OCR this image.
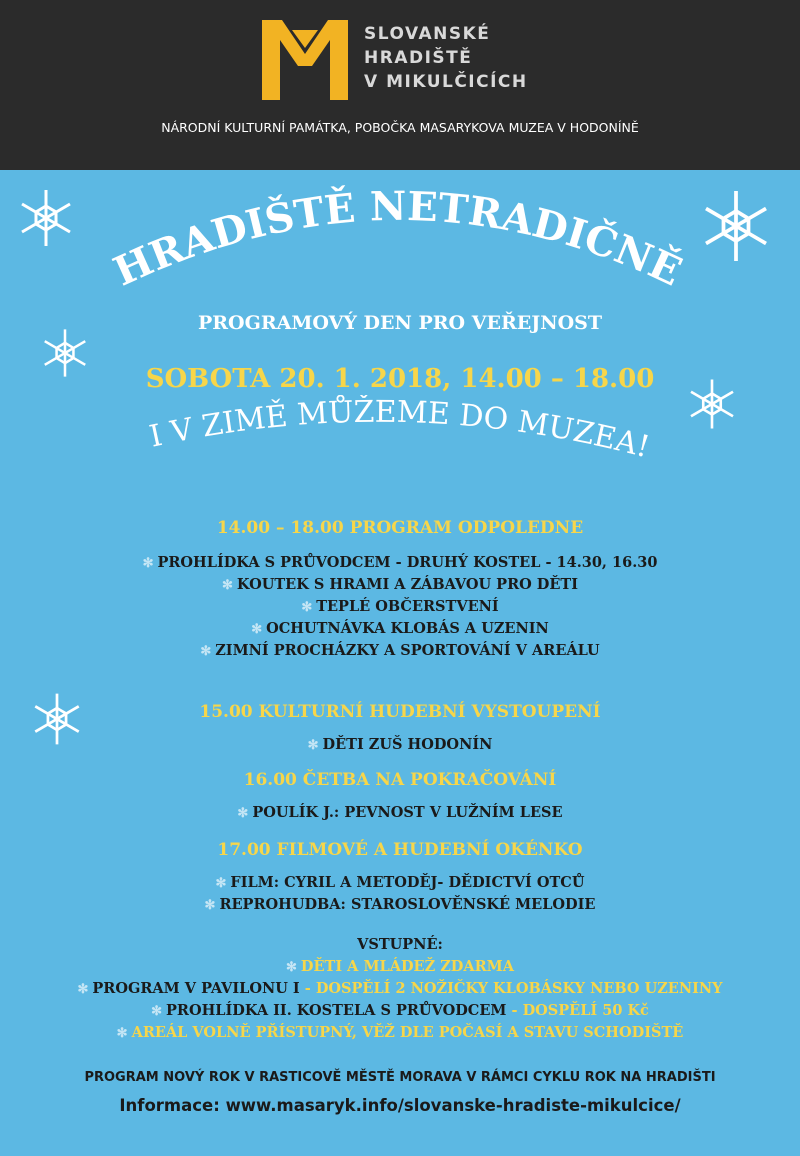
SLOVANSKÉ
HRADIŠTĚ
V MIKULČICÍCH
NÁRODNÍ KULTURNÍ PAMÁTKA, POBOČKA MASARYKOVA MUZEA V HODONÍNĚ
HRADIŠTĚ NETRADIČNĚ
PROGRAMOVÝ DEN PRO VEŘEJNOST
SOBOTA 20. 1. 2018, 14.00 – 18.00
I V ZIMĚ MŮŽEME DO MUZEA!
14.00 – 18.00 PROGRAM ODPOLEDNE
✻ PROHLÍDKA S PRŮVODCEM - DRUHÝ KOSTEL - 14.30, 16.30
✻ KOUTEK S HRAMI A ZÁBAVOU PRO DĚTI
✻ TEPLÉ OBČERSTVENÍ
✻ OCHUTNÁVKA KLOBÁS A UZENIN
✻ ZIMNÍ PROCHÁZKY A SPORTOVÁNÍ V AREÁLU
15.00 KULTURNÍ HUDEBNÍ VYSTOUPENÍ
✻ DĚTI ZUŠ HODONÍN
16.00 ČETBA NA POKRAČOVÁNÍ
✻ POULÍK J.: PEVNOST V LUŽNÍM LESE
17.00 FILMOVÉ A HUDEBNÍ OKÉNKO
✻ FILM: CYRIL A METODĚJ- DĚDICTVÍ OTCŮ
✻ REPROHUDBA: STAROSLOVĚNSKÉ MELODIE
VSTUPNÉ:
✻ DĚTI A MLÁDEŽ ZDARMA
✻ PROGRAM V PAVILONU I - DOSPĚLÍ 2 NOŽIČKY KLOBÁSKY NEBO UZENINY
✻ PROHLÍDKA II. KOSTELA S PRŮVODCEM - DOSPĚLÍ 50 Kč
✻ AREÁL VOLNĚ PŘÍSTUPNÝ, VĚŽ DLE POČASÍ A STAVU SCHODIŠTĚ
PROGRAM NOVÝ ROK V RASTICOVĚ MĚSTĚ MORAVA V RÁMCI CYKLU ROK NA HRADIŠTI
Informace: www.masaryk.info/slovanske-hradiste-mikulcice/
